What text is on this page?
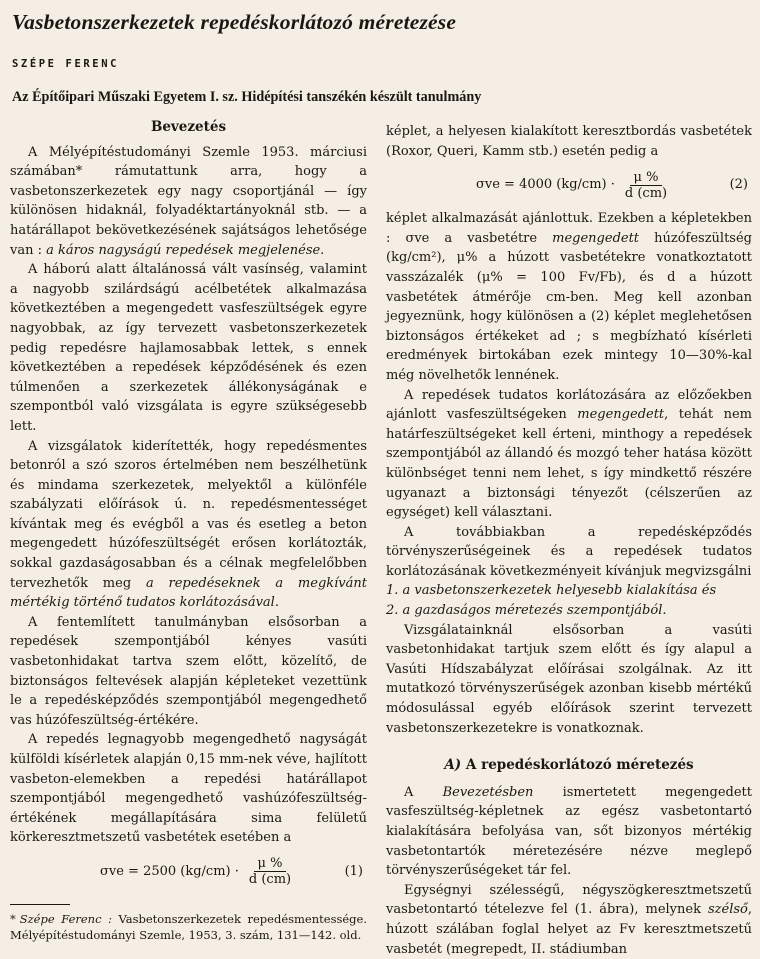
Vasbetonszerkezetek repedéskorlátozó méretezése
SZÉPE FERENC
Az Építőipari Műszaki Egyetem I. sz. Hidépítési tanszékén készült tanulmány
Bevezetés

A Mélyépítéstudományi Szemle 1953. márciusi számában* rámutattunk arra, hogy a vasbetonszerkezetek egy nagy csoportjánál — így különösen hidaknál, folyadéktartányoknál stb. — a határállapot bekövetkezésének sajátságos lehetősége van : a káros nagyságú repedések megjelenése.

A háború alatt általánossá vált vasínség, valamint a nagyobb szilárdságú acélbetétek alkalmazása következtében a megengedett vasfeszültségek egyre nagyobbak, az így tervezett vasbetonszerkezetek pedig repedésre hajlamosabbak lettek, s ennek következtében a repedések képződésének és ezen túlmenően a szerkezetek állékonyságának e szempontból való vizsgálata is egyre szükségesebb lett.

A vizsgálatok kiderítették, hogy repedésmentes betonról a szó szoros értelmében nem beszélhetünk és mindama szerkezetek, melyektől a különféle szabályzati előírások ú. n. repedésmentességet kívántak meg és evégből a vas és esetleg a beton megengedett húzófeszültségét erősen korlátozták, sokkal gazdaságosabban és a célnak megfelelőbben tervezhetők meg a repedéseknek a megkívánt mértékig történő tudatos korlátozásával.

A fentemlített tanulmányban elsősorban a repedések szempontjából kényes vasúti vasbetonhidakat tartva szem előtt, közelítő, de biztonságos feltevések alapján képleteket vezettünk le a repedésképződés szempontjából megengedhető vas húzófeszültség-értékére.

A repedés legnagyobb megengedhető nagyságát külföldi kísérletek alapján 0,15 mm-nek véve, hajlított vasbeton-elemekben a repedési határállapot szempontjából megengedhető vashúzófeszültség-értékének megállapítására sima felületű körkeresztmetszetű vasbetétek esetében a

σve = 2500 $(kg/cm) \cdot \frac{\mu \%}{d (cm)}$	(1)
* Szépe Ferenc : Vasbetonszerkezetek repedésmentessége. Mélyépítéstudományi Szemle, 1953, 3. szám, 131—142. old.

képlet, a helyesen kialakított keresztbordás vasbetétek (Roxor, Queri, Kamm stb.) esetén pedig a

σve = 4000 $(kg/cm) \cdot \frac{\mu \%}{d (cm)}$	(2)

képlet alkalmazását ajánlottuk. Ezekben a képletekben : σve a vasbetétre megengedett húzófeszültség (kg/cm²), μ% a húzott vasbetétekre vonatkoztatott vasszázalék (μ% = 100 Fv/Fb), és d a húzott vasbetétek átmérője cm-ben. Meg kell azonban jegyeznünk, hogy különösen a (2) képlet meglehetősen biztonságos értékeket ad ; s megbízható kísérleti eredmények birtokában ezek mintegy 10—30%-kal még növelhetők lennének.

A repedések tudatos korlátozására az előzőekben ajánlott vasfeszültségeken megengedett, tehát nem határfeszültségeket kell érteni, minthogy a repedések szempontjából az állandó és mozgó teher hatása között különbséget tenni nem lehet, s így mindkettő részére ugyanazt a biztonsági tényezőt (célszerűen az egységet) kell választani.

A továbbiakban a repedésképződés törvényszerűségeinek és a repedések tudatos korlátozásának következményeit kívánjuk megvizsgálni

1. a vasbetonszerkezetek helyesebb kialakítása és
2. a gazdaságos méretezés szempontjából.

Vizsgálatainknál elsősorban a vasúti vasbetonhidakat tartjuk szem előtt és így alapul a Vasúti Hídszabályzat előírásai szolgálnak. Az itt mutatkozó törvényszerűségek azonban kisebb mértékű módosulással egyéb előírások szerint tervezett vasbetonszerkezetekre is vonatkoznak.

A) A repedéskorlátozó méretezés

A Bevezetésben ismertetett megengedett vasfeszültség-képletnek az egész vasbetontartó kialakítására befolyása van, sőt bizonyos mértékig vasbetontartók méretezésére nézve meglepő törvényszerűségeket tár fel.

Egységnyi szélességű, négyszögkeresztmetszetű vasbetontartó tételezve fel (1. ábra), melynek szélső, húzott szálában foglal helyet az Fv keresztmetszetű vasbetét (megrepedt, II. stádiumban
